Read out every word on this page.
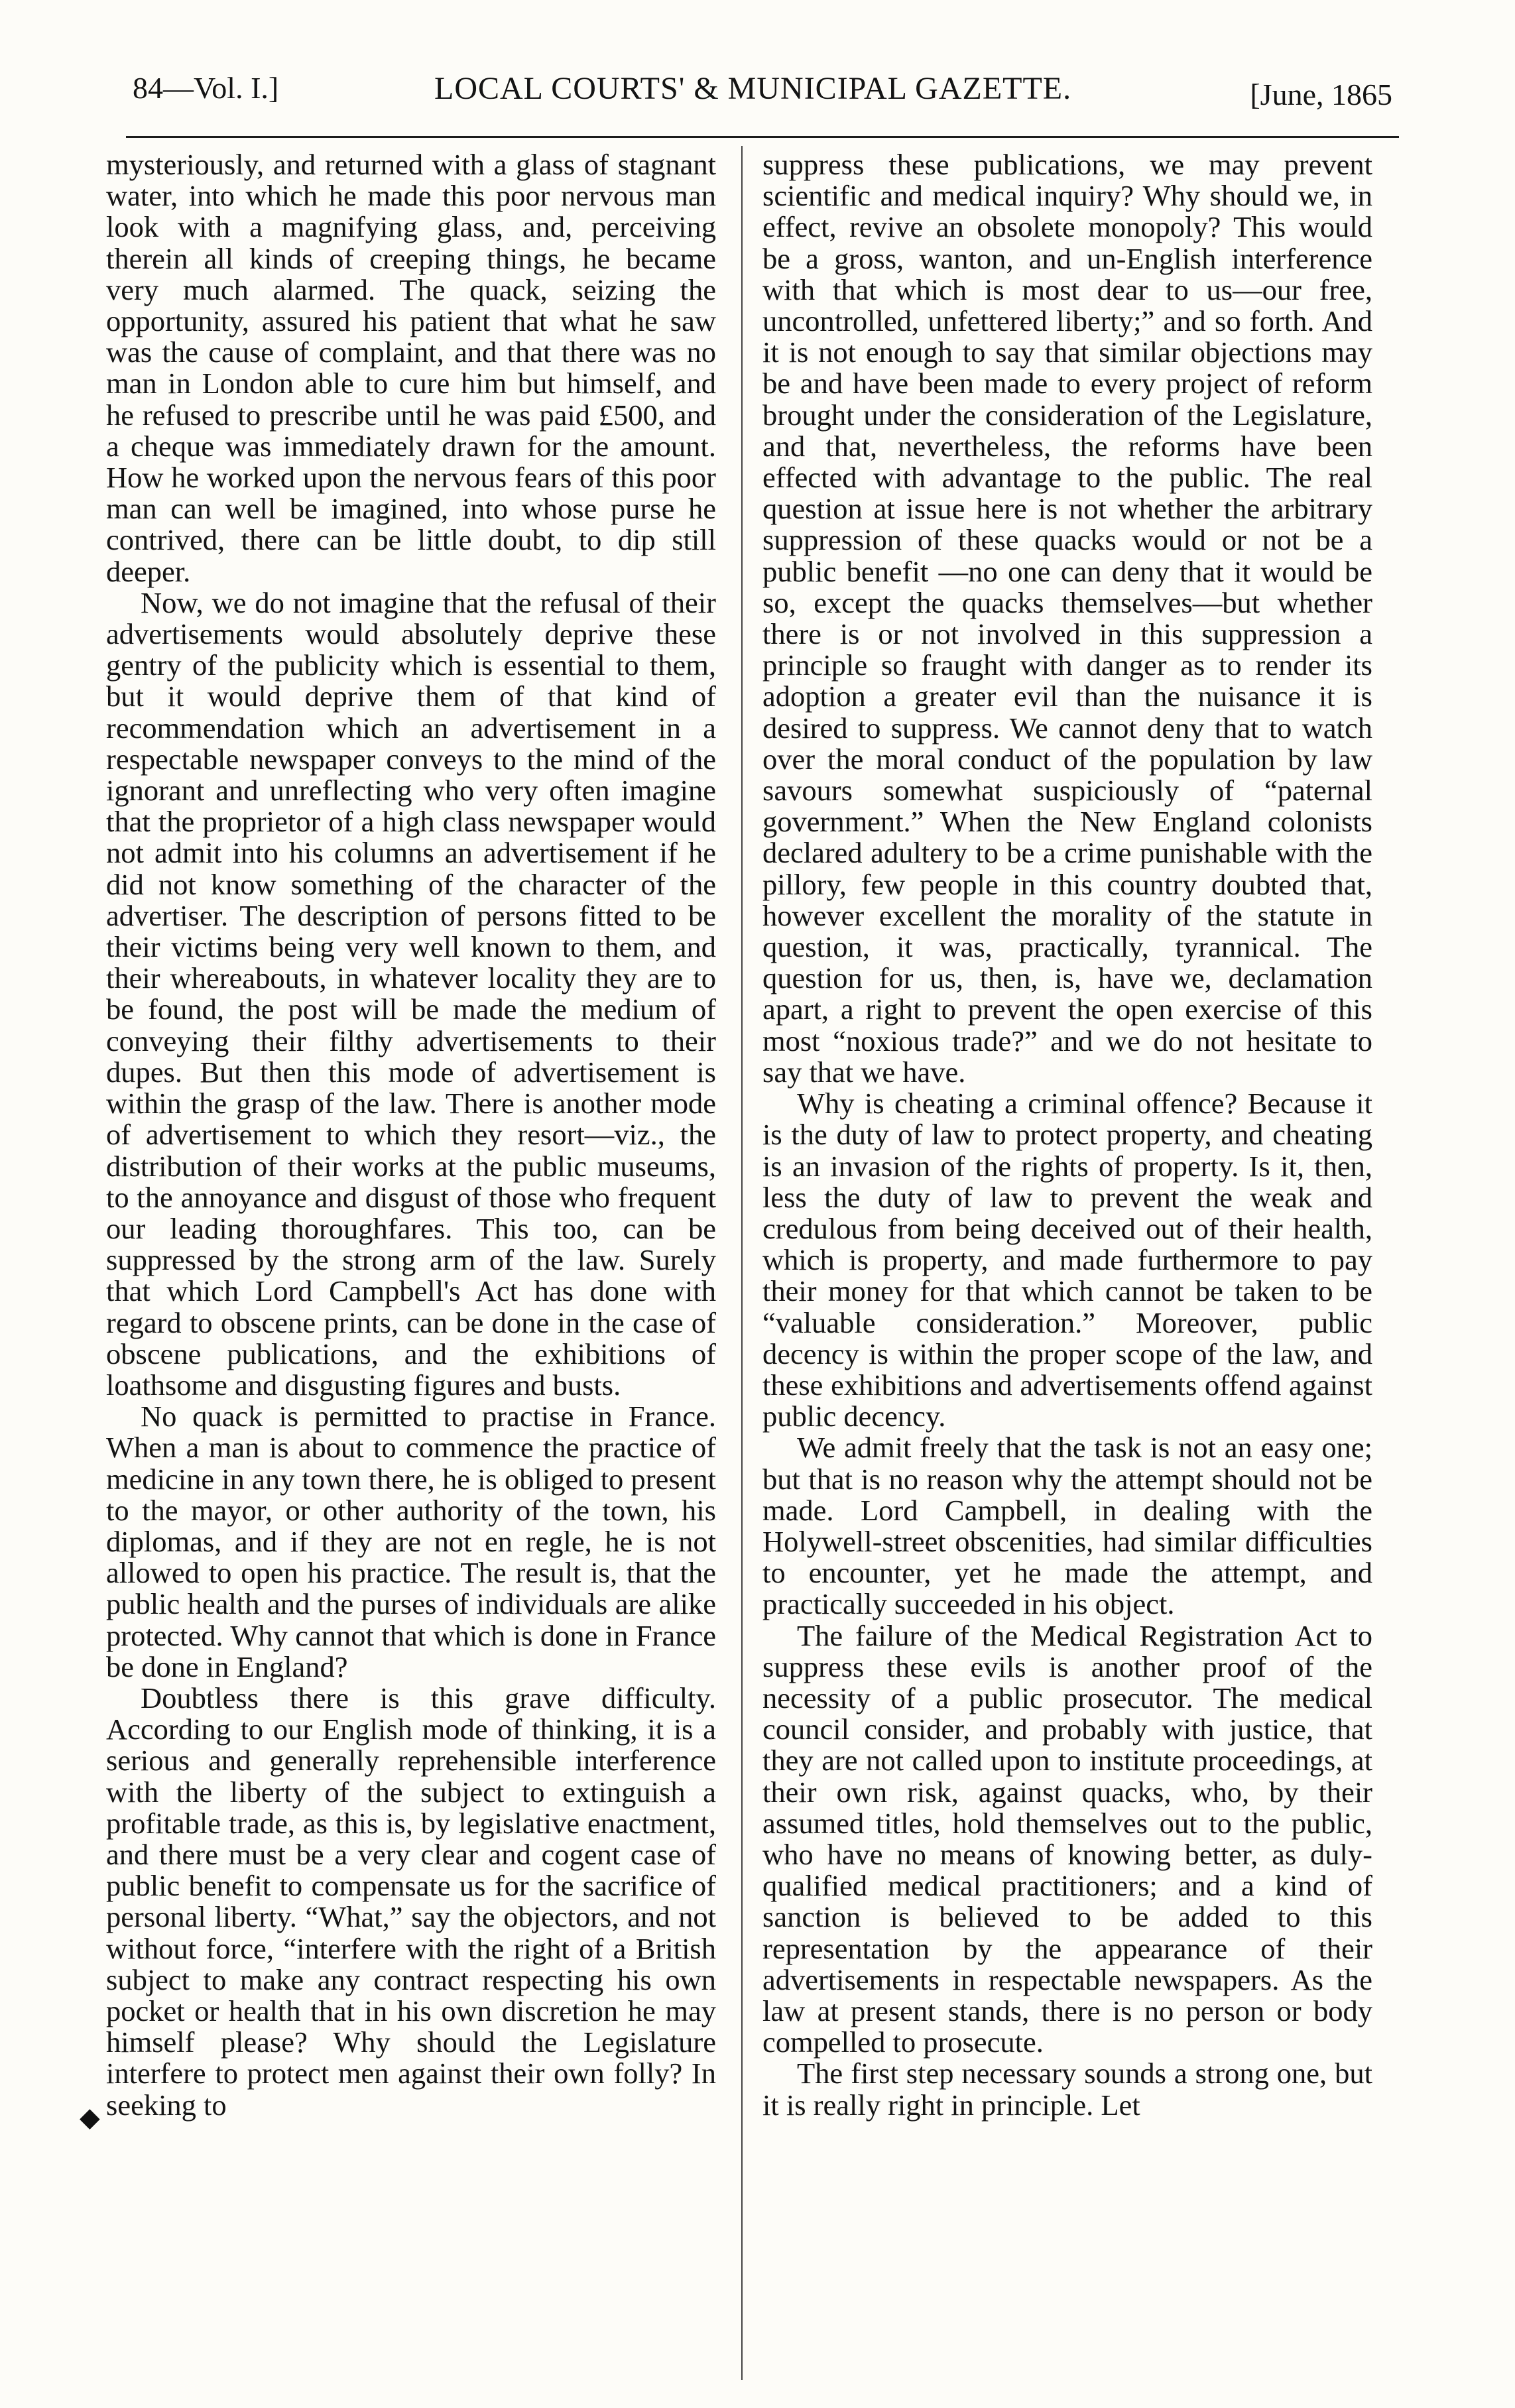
84—Vol. I.]	LOCAL COURTS' & MUNICIPAL GAZETTE.	[June, 1865

mysteriously, and returned with a glass of stagnant water, into which he made this poor nervous man look with a magnifying glass, and, perceiving therein all kinds of creeping things, he became very much alarmed. The quack, seizing the opportunity, assured his patient that what he saw was the cause of complaint, and that there was no man in London able to cure him but himself, and he refused to prescribe until he was paid £500, and a cheque was immediately drawn for the amount. How he worked upon the nervous fears of this poor man can well be imagined, into whose purse he contrived, there can be little doubt, to dip still deeper.

Now, we do not imagine that the refusal of their advertisements would absolutely deprive these gentry of the publicity which is essential to them, but it would deprive them of that kind of recommendation which an advertisement in a respectable newspaper conveys to the mind of the ignorant and unreflecting who very often imagine that the proprietor of a high class newspaper would not admit into his columns an advertisement if he did not know something of the character of the advertiser. The description of persons fitted to be their victims being very well known to them, and their whereabouts, in whatever locality they are to be found, the post will be made the medium of conveying their filthy advertisements to their dupes. But then this mode of advertisement is within the grasp of the law. There is another mode of advertisement to which they resort—viz., the distribution of their works at the public museums, to the annoyance and disgust of those who frequent our leading thoroughfares. This too, can be suppressed by the strong arm of the law. Surely that which Lord Campbell's Act has done with regard to obscene prints, can be done in the case of obscene publications, and the exhibitions of loathsome and disgusting figures and busts.

No quack is permitted to practise in France. When a man is about to commence the practice of medicine in any town there, he is obliged to present to the mayor, or other authority of the town, his diplomas, and if they are not en regle, he is not allowed to open his practice. The result is, that the public health and the purses of individuals are alike protected. Why cannot that which is done in France be done in England?

Doubtless there is this grave difficulty. According to our English mode of thinking, it is a serious and generally reprehensible interference with the liberty of the subject to extinguish a profitable trade, as this is, by legislative enactment, and there must be a very clear and cogent case of public benefit to compensate us for the sacrifice of personal liberty. “What,” say the objectors, and not without force, “interfere with the right of a British subject to make any contract respecting his own pocket or health that in his own discretion he may himself please? Why should the Legislature interfere to protect men against their own folly? In seeking to

suppress these publications, we may prevent scientific and medical inquiry? Why should we, in effect, revive an obsolete monopoly? This would be a gross, wanton, and un-English interference with that which is most dear to us—our free, uncontrolled, unfettered liberty;” and so forth. And it is not enough to say that similar objections may be and have been made to every project of reform brought under the consideration of the Legislature, and that, nevertheless, the reforms have been effected with advantage to the public. The real question at issue here is not whether the arbitrary suppression of these quacks would or not be a public benefit —no one can deny that it would be so, except the quacks themselves—but whether there is or not involved in this suppression a principle so fraught with danger as to render its adoption a greater evil than the nuisance it is desired to suppress. We cannot deny that to watch over the moral conduct of the population by law savours somewhat suspiciously of “paternal government.” When the New England colonists declared adultery to be a crime punishable with the pillory, few people in this country doubted that, however excellent the morality of the statute in question, it was, practically, tyrannical. The question for us, then, is, have we, declamation apart, a right to prevent the open exercise of this most “noxious trade?” and we do not hesitate to say that we have.

Why is cheating a criminal offence? Because it is the duty of law to protect property, and cheating is an invasion of the rights of property. Is it, then, less the duty of law to prevent the weak and credulous from being deceived out of their health, which is property, and made furthermore to pay their money for that which cannot be taken to be “valuable consideration.” Moreover, public decency is within the proper scope of the law, and these exhibitions and advertisements offend against public decency.

We admit freely that the task is not an easy one; but that is no reason why the attempt should not be made. Lord Campbell, in dealing with the Holywell-street obscenities, had similar difficulties to encounter, yet he made the attempt, and practically succeeded in his object.

The failure of the Medical Registration Act to suppress these evils is another proof of the necessity of a public prosecutor. The medical council consider, and probably with justice, that they are not called upon to institute proceedings, at their own risk, against quacks, who, by their assumed titles, hold themselves out to the public, who have no means of knowing better, as duly-qualified medical practitioners; and a kind of sanction is believed to be added to this representation by the appearance of their advertisements in respectable newspapers. As the law at present stands, there is no person or body compelled to prosecute.

The first step necessary sounds a strong one, but it is really right in principle. Let

◆
